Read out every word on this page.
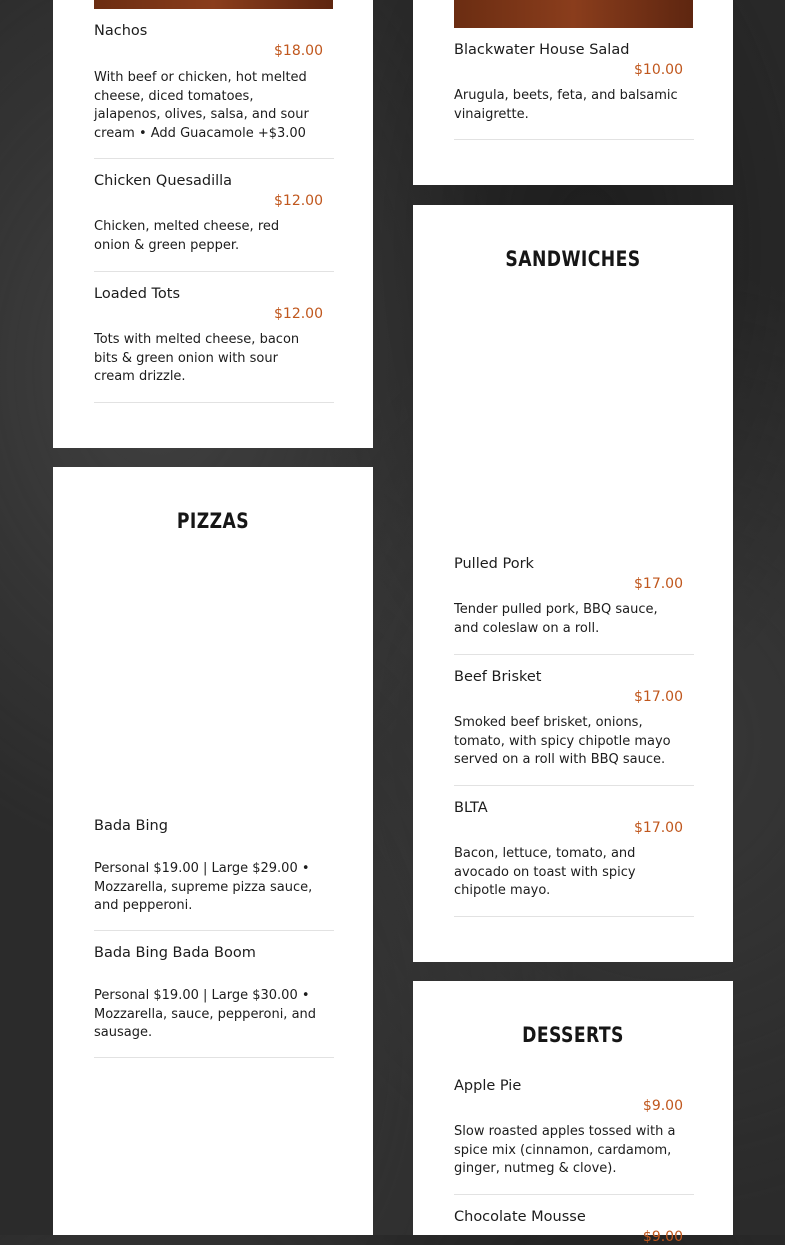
Nachos
$18.00
With beef or chicken, hot melted cheese, diced tomatoes, jalapenos, olives, salsa, and sour cream • Add Guacamole +$3.00
Chicken Quesadilla
$12.00
Chicken, melted cheese, red onion & green pepper.
Loaded Tots
$12.00
Tots with melted cheese, bacon bits & green onion with sour cream drizzle.
Blackwater House Salad
$10.00
Arugula, beets, feta, and balsamic vinaigrette.
PIZZAS
Bada Bing
Personal $19.00 | Large $29.00 • Mozzarella, supreme pizza sauce, and pepperoni.
Bada Bing Bada Boom
Personal $19.00 | Large $30.00 • Mozzarella, sauce, pepperoni, and sausage.
SANDWICHES
Pulled Pork
$17.00
Tender pulled pork, BBQ sauce, and coleslaw on a roll.
Beef Brisket
$17.00
Smoked beef brisket, onions, tomato, with spicy chipotle mayo served on a roll with BBQ sauce.
BLTA
$17.00
Bacon, lettuce, tomato, and avocado on toast with spicy chipotle mayo.
DESSERTS
Apple Pie
$9.00
Slow roasted apples tossed with a spice mix (cinnamon, cardamom, ginger, nutmeg & clove).
Chocolate Mousse
$9.00
